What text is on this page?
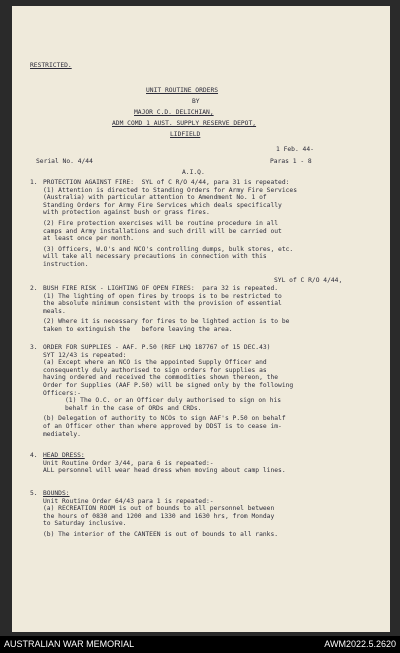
RESTRICTED.
UNIT ROUTINE ORDERS
BY
MAJOR C.D. DELICHIAN,
ADM COMD 1 AUST. SUPPLY RESERVE DEPOT,
LIDFIELD
1 Feb. 44-
Serial No. 4/44	Paras 1 - 8
A.I.Q.
1. PROTECTION AGAINST FIRE:  SYL of C R/O 4/44, para 31 is repeated:
(1) Attention is directed to Standing Orders for Army Fire Services
(Australia) with particular attention to Amendment No. 1 of
Standing Orders for Army Fire Services which deals specifically
with protection against bush or grass fires.
(2) Fire protection exercises will be routine procedure in all
camps and Army installations and such drill will be carried out
at least once per month.
(3) Officers, W.O's and NCO's controlling dumps, bulk stores, etc.
will take all necessary precautions in connection with this
instruction.
SYL of C R/O 4/44,
2. BUSH FIRE RISK - LIGHTING OF OPEN FIRES:  para 32 is repeated.
(1) The lighting of open fires by troops is to be restricted to
the absolute minimum consistent with the provision of essential
meals.
(2) Where it is necessary for fires to be lighted action is to be
taken to extinguish the   before leaving the area.
3. ORDER FOR SUPPLIES - AAF. P.50 (REF LHQ 187767 of 15 DEC.43)
SYT 12/43 is repeated:
(a) Except where an NCO is the appointed Supply Officer and
consequently duly authorised to sign orders for supplies as
having ordered and received the commodities shown thereon, the
Order for Supplies (AAF P.50) will be signed only by the following
Officers:-
(1) The O.C. or an Officer duly authorised to sign on his
behalf in the case of ORDs and CRDs.
(b) Delegation of authority to NCOs to sign AAF's P.50 on behalf
of an Officer other than where approved by DDST is to cease im-
mediately.
4. HEAD DRESS:
Unit Routine Order 3/44, para 6 is repeated:-
ALL personnel will wear head dress when moving about camp lines.
5. BOUNDS:
Unit Routine Order 64/43 para 1 is repeated:-
(a) RECREATION ROOM is out of bounds to all personnel between
the hours of 0830 and 1200 and 1330 and 1630 hrs, from Monday
to Saturday inclusive.
(b) The interior of the CANTEEN is out of bounds to all ranks.
AUSTRALIAN WAR MEMORIAL	AWM2022.5.2620
